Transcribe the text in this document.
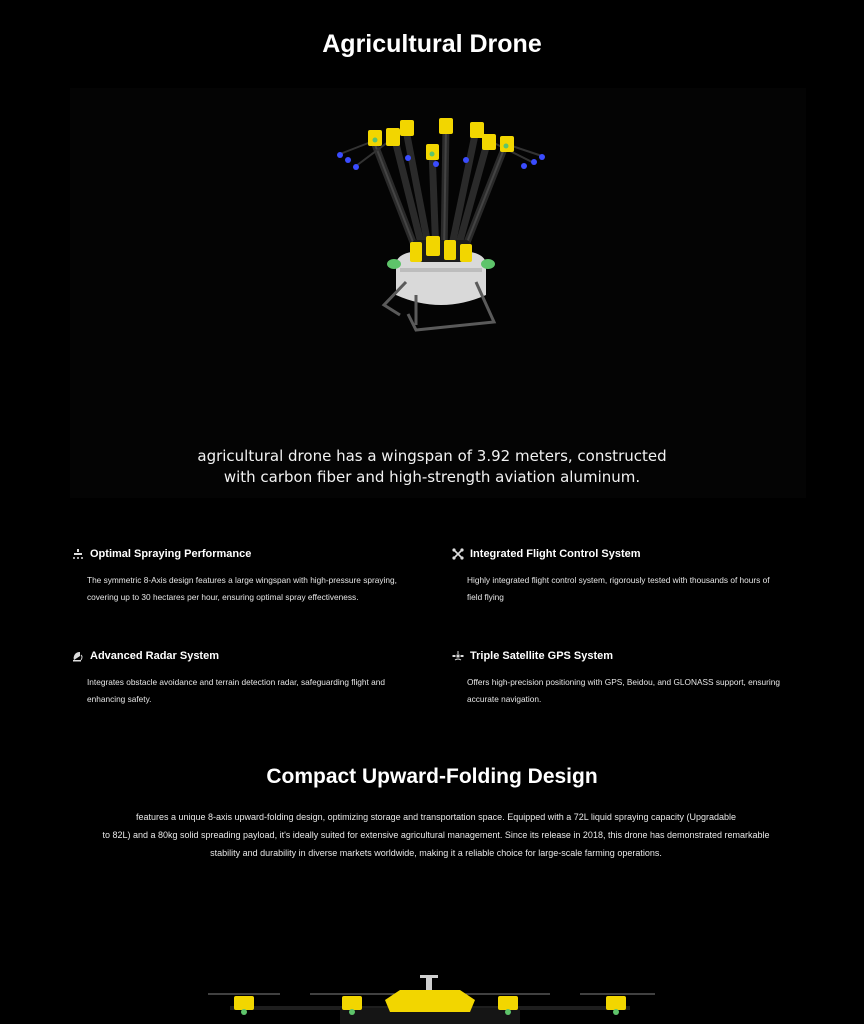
Agricultural Drone
agricultural drone has a wingspan of 3.92 meters, constructed
with carbon fiber and high-strength aviation aluminum.
Optimal Spraying Performance
The symmetric 8-Axis design features a large wingspan with high-pressure spraying,
covering up to 30 hectares per hour, ensuring optimal spray effectiveness.
Integrated Flight Control System
Highly integrated flight control system, rigorously tested with thousands of hours of
field flying
Advanced Radar System
Integrates obstacle avoidance and terrain detection radar, safeguarding flight and
enhancing safety.
Triple Satellite GPS System
Offers high-precision positioning with GPS, Beidou, and GLONASS support, ensuring
accurate navigation.
Compact Upward-Folding Design
features a unique 8-axis upward-folding design, optimizing storage and transportation space. Equipped with a 72L liquid spraying capacity (Upgradable
to 82L) and a 80kg solid spreading payload, it's ideally suited for extensive agricultural management. Since its release in 2018, this drone has demonstrated remarkable
stability and durability in diverse markets worldwide, making it a reliable choice for large-scale farming operations.
